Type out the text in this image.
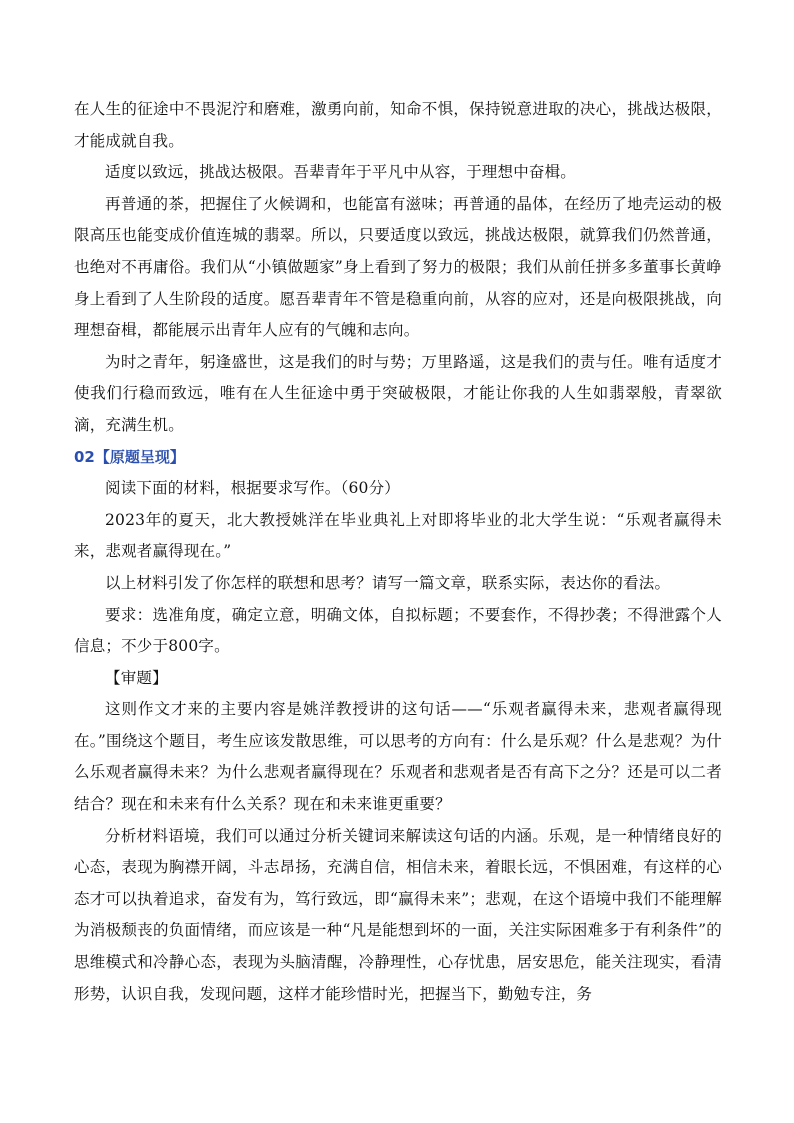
在人生的征途中不畏泥泞和磨难，激勇向前，知命不惧，保持锐意进取的决心，挑战达极限，才能成就自我。

适度以致远，挑战达极限。吾辈青年于平凡中从容，于理想中奋楫。

再普通的茶，把握住了火候调和，也能富有滋味；再普通的晶体，在经历了地壳运动的极限高压也能变成价值连城的翡翠。所以，只要适度以致远，挑战达极限，就算我们仍然普通，也绝对不再庸俗。我们从“小镇做题家”身上看到了努力的极限；我们从前任拼多多董事长黄峥身上看到了人生阶段的适度。愿吾辈青年不管是稳重向前，从容的应对，还是向极限挑战，向理想奋楫，都能展示出青年人应有的气魄和志向。

为时之青年，躬逢盛世，这是我们的时与势；万里路遥，这是我们的责与任。唯有适度才使我们行稳而致远，唯有在人生征途中勇于突破极限，才能让你我的人生如翡翠般，青翠欲滴，充满生机。

02【原题呈现】

阅读下面的材料，根据要求写作。（60分）

2023年的夏天，北大教授姚洋在毕业典礼上对即将毕业的北大学生说：“乐观者赢得未来，悲观者赢得现在。”

以上材料引发了你怎样的联想和思考？请写一篇文章，联系实际，表达你的看法。

要求：选准角度，确定立意，明确文体，自拟标题；不要套作，不得抄袭；不得泄露个人信息；不少于800字。

【审题】

这则作文才来的主要内容是姚洋教授讲的这句话——“乐观者赢得未来，悲观者赢得现在。”围绕这个题目，考生应该发散思维，可以思考的方向有：什么是乐观？什么是悲观？为什么乐观者赢得未来？为什么悲观者赢得现在？乐观者和悲观者是否有高下之分？还是可以二者结合？现在和未来有什么关系？现在和未来谁更重要？

分析材料语境，我们可以通过分析关键词来解读这句话的内涵。乐观，是一种情绪良好的心态，表现为胸襟开阔，斗志昂扬，充满自信，相信未来，着眼长远，不惧困难，有这样的心态才可以执着追求，奋发有为，笃行致远，即“赢得未来”；悲观，在这个语境中我们不能理解为消极颓丧的负面情绪，而应该是一种“凡是能想到坏的一面，关注实际困难多于有利条件”的思维模式和冷静心态，表现为头脑清醒，冷静理性，心存忧患，居安思危，能关注现实，看清形势，认识自我，发现问题，这样才能珍惜时光，把握当下，勤勉专注，务
